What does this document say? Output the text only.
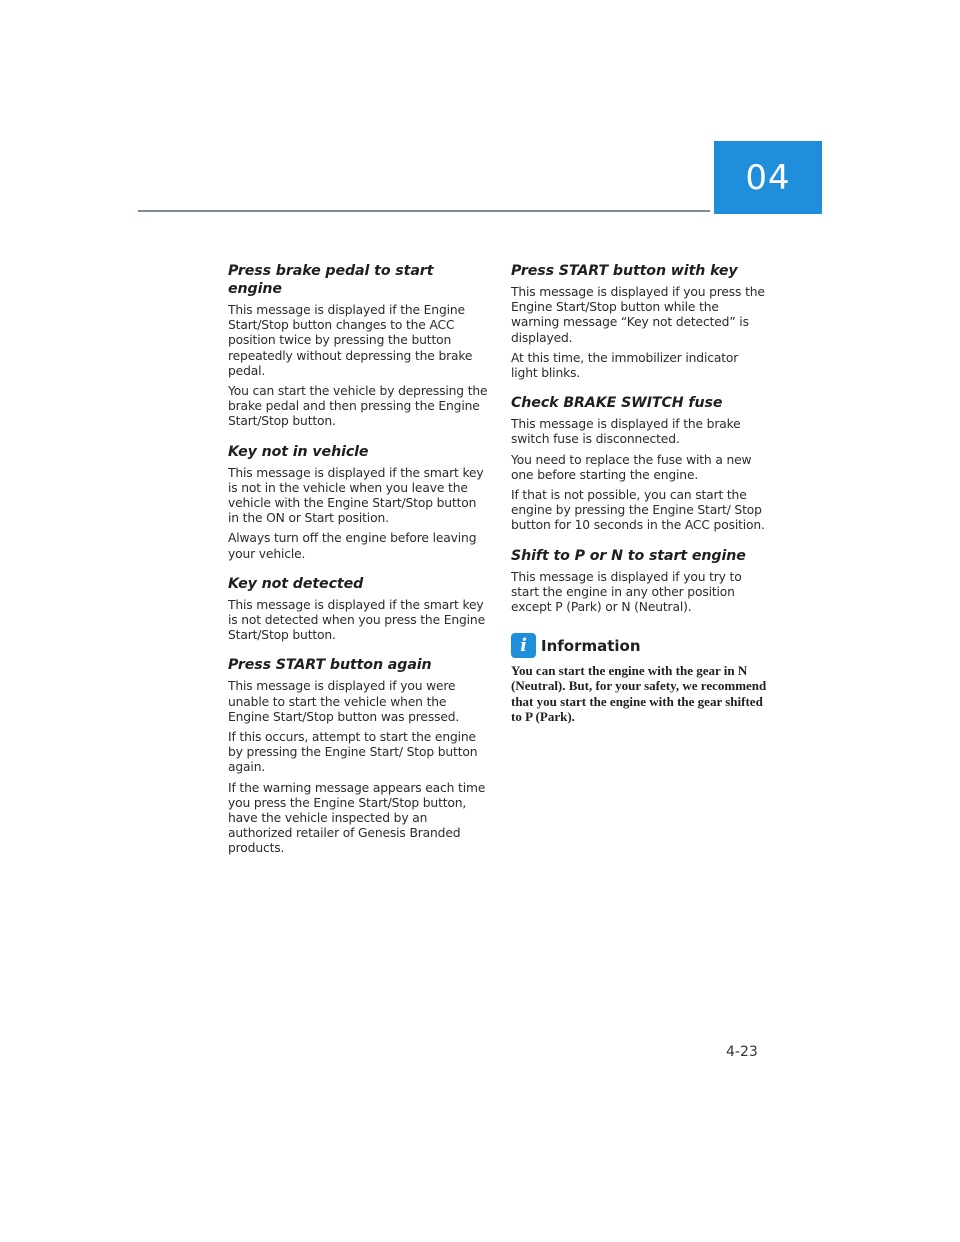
04
Press brake pedal to start engine
This message is displayed if the Engine Start/Stop button changes to the ACC position twice by pressing the button repeatedly without depressing the brake pedal.
You can start the vehicle by depressing the brake pedal and then pressing the Engine Start/Stop button.
Key not in vehicle
This message is displayed if the smart key is not in the vehicle when you leave the vehicle with the Engine Start/Stop button in the ON or Start position.
Always turn off the engine before leaving your vehicle.
Key not detected
This message is displayed if the smart key is not detected when you press the Engine Start/Stop button.
Press START button again
This message is displayed if you were unable to start the vehicle when the Engine Start/Stop button was pressed.
If this occurs, attempt to start the engine by pressing the Engine Start/ Stop button again.
If the warning message appears each time you press the Engine Start/Stop button, have the vehicle inspected by an authorized retailer of Genesis Branded products.
Press START button with key
This message is displayed if you press the Engine Start/Stop button while the warning message “Key not detected” is displayed.
At this time, the immobilizer indicator light blinks.
Check BRAKE SWITCH fuse
This message is displayed if the brake switch fuse is disconnected.
You need to replace the fuse with a new one before starting the engine.
If that is not possible, you can start the engine by pressing the Engine Start/ Stop button for 10 seconds in the ACC position.
Shift to P or N to start engine
This message is displayed if you try to start the engine in any other position except P (Park) or N (Neutral).
i Information

You can start the engine with the gear in N (Neutral). But, for your safety, we recommend that you start the engine with the gear shifted to P (Park).

4-23
